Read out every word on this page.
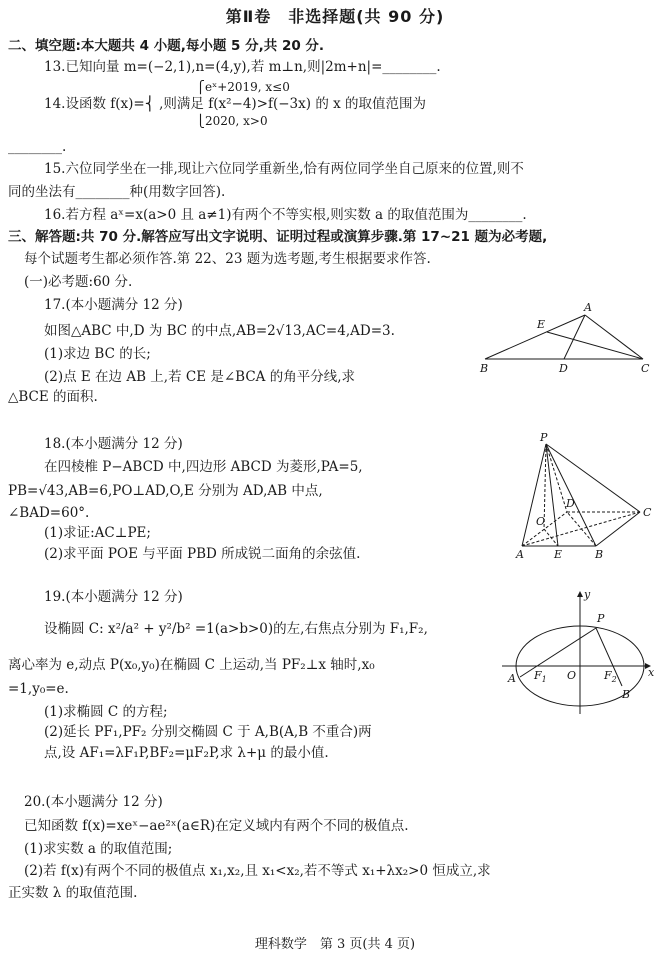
第Ⅱ卷　非选择题(共 90 分)
二、填空题:本大题共 4 小题,每小题 5 分,共 20 分.
13.已知向量 m=(−2,1),n=(4,y),若 m⊥n,则|2m+n|=________.
⎧eˣ+2019, x≤0
14.设函数 f(x)=⎨ ,则满足 f(x²−4)>f(−3x) 的 x 的取值范围为
⎩2020, x>0
________.
15.六位同学坐在一排,现让六位同学重新坐,恰有两位同学坐自己原来的位置,则不
同的坐法有________种(用数字回答).
16.若方程 aˣ=x(a>0 且 a≠1)有两个不等实根,则实数 a 的取值范围为________.
三、解答题:共 70 分.解答应写出文字说明、证明过程或演算步骤.第 17~21 题为必考题,
每个试题考生都必须作答.第 22、23 题为选考题,考生根据要求作答.
(一)必考题:60 分.
17.(本小题满分 12 分)
如图△ABC 中,D 为 BC 的中点,AB=2√13,AC=4,AD=3.
(1)求边 BC 的长;
(2)点 E 在边 AB 上,若 CE 是∠BCA 的角平分线,求
△BCE 的面积.
A
E
B	D	C
18.(本小题满分 12 分)
在四棱椎 P−ABCD 中,四边形 ABCD 为菱形,PA=5,
PB=√43,AB=6,PO⊥AD,O,E 分别为 AD,AB 中点,
∠BAD=60°.
(1)求证:AC⊥PE;
(2)求平面 POE 与平面 PBD 所成锐二面角的余弦值.
P
D
C
O
A	E	B
19.(本小题满分 12 分)
设椭圆 C: x²/a² + y²/b² =1(a>b>0)的左,右焦点分别为 F₁,F₂,
离心率为 e,动点 P(x₀,y₀)在椭圆 C 上运动,当 PF₂⊥x 轴时,x₀
=1,y₀=e.
(1)求椭圆 C 的方程;
(2)延长 PF₁,PF₂ 分别交椭圆 C 于 A,B(A,B 不重合)两
点,设 AF₁=λF₁P,BF₂=μF₂P,求 λ+μ 的最小值.
y
x
P
O
A
B
$F_1$	$F_2$
20.(本小题满分 12 分)
已知函数 f(x)=xeˣ−ae²ˣ(a∈R)在定义域内有两个不同的极值点.
(1)求实数 a 的取值范围;
(2)若 f(x)有两个不同的极值点 x₁,x₂,且 x₁<x₂,若不等式 x₁+λx₂>0 恒成立,求
正实数 λ 的取值范围.
理科数学　第 3 页(共 4 页)
